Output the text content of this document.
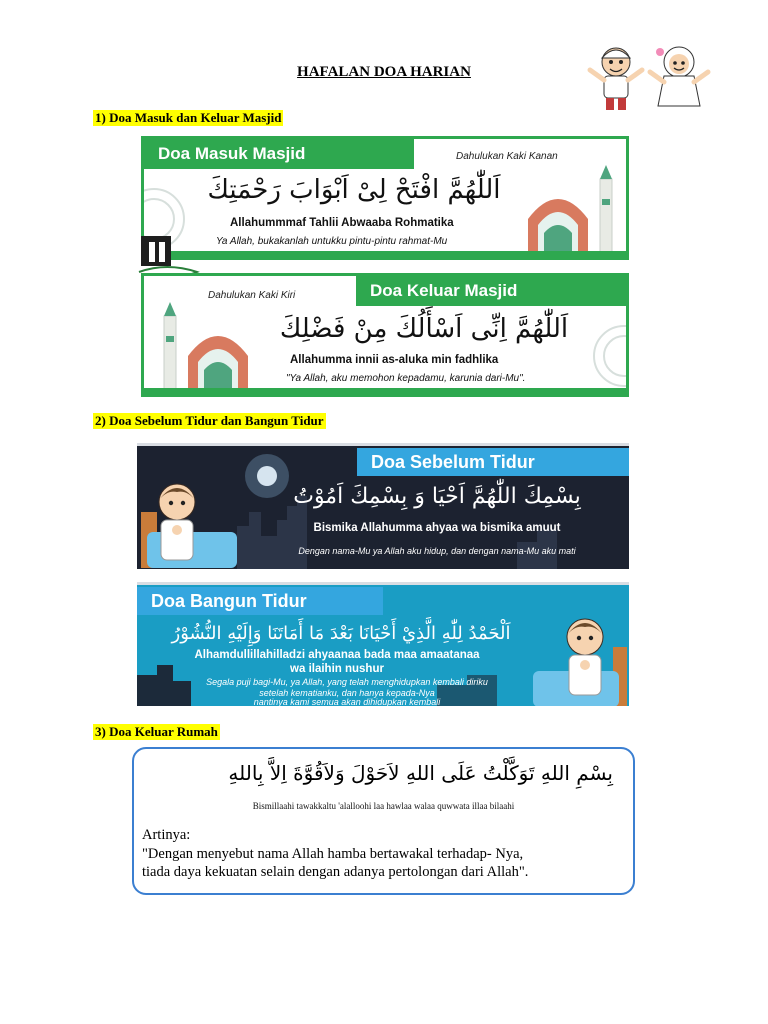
HAFALAN DOA HARIAN
1) Doa Masuk dan Keluar Masjid
Doa Masuk Masjid	Dahulukan Kaki Kanan
اَللّٰهُمَّ افْتَحْ لِىْ اَبْوَابَ رَحْمَتِكَ
Allahummmaf Tahlii Abwaaba Rohmatika
Ya Allah, bukakanlah untukku pintu-pintu rahmat-Mu
Doa Keluar Masjid
Dahulukan Kaki Kiri
اَللّٰهُمَّ اِنِّى اَسْأَلُكَ مِنْ فَضْلِكَ
Allahumma innii as-aluka min fadhlika
"Ya Allah, aku memohon kepadamu, karunia dari-Mu".
2) Doa Sebelum Tidur dan Bangun Tidur
Doa Sebelum Tidur
بِسْمِكَ اللّٰهُمَّ اَحْيَا وَ بِسْمِكَ اَمُوْتُ
Bismika Allahumma ahyaa wa bismika amuut
Dengan nama-Mu ya Allah aku hidup, dan dengan nama-Mu aku mati
Doa Bangun Tidur
اَلْحَمْدُ لِلّٰهِ الَّذِيْ أَحْيَانَا بَعْدَ مَا أَمَاتَنَا وَإِلَيْهِ النُّشُوْرُ
Alhamdullillahilladzi ahyaanaa bada maa amaatanaa
wa ilaihin nushur
Segala puji bagi-Mu, ya Allah, yang telah menghidupkan kembali diriku
setelah kematianku, dan hanya kepada-Nya
nantinya kami semua akan dihidupkan kembali
3) Doa Keluar Rumah
بِسْمِ اللهِ تَوَكَّلْتُ عَلَى اللهِ لاَحَوْلَ وَلاَقُوَّةَ اِلاَّ بِاللهِ
Bismillaahi tawakkaltu 'alalloohi laa hawlaa walaa quwwata illaa bilaahi
Artinya:
"Dengan menyebut nama Allah hamba bertawakal terhadap- Nya,
tiada daya kekuatan selain dengan adanya pertolongan dari Allah".
